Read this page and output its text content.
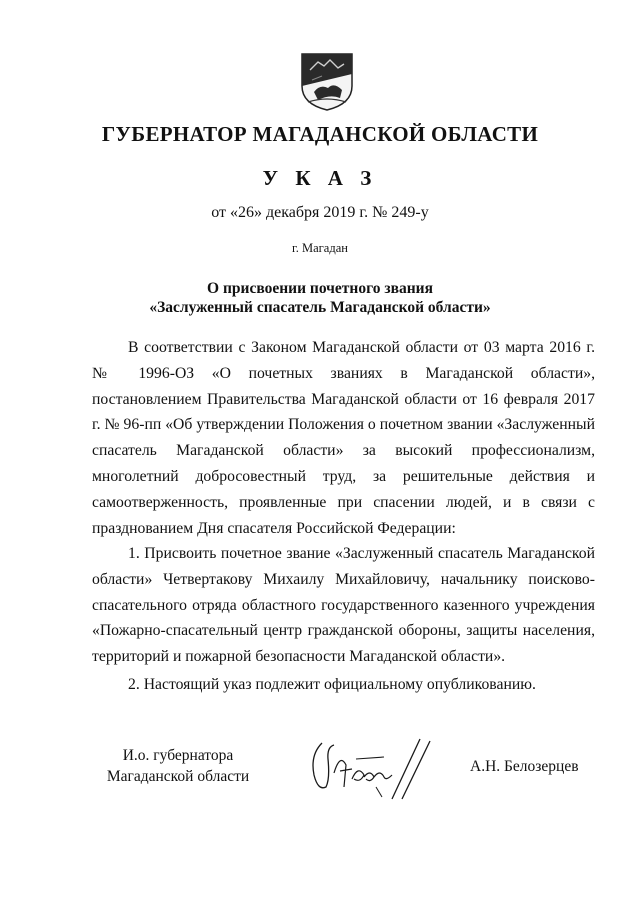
ГУБЕРНАТОР МАГАДАНСКОЙ ОБЛАСТИ
У К А З
от «26» декабря 2019 г. № 249-у
г. Магадан
О присвоении почетного звания
«Заслуженный спасатель Магаданской области»

В соответствии с Законом Магаданской области от 03 марта 2016 г. № 1996-ОЗ «О почетных званиях в Магаданской области», постановлением Правительства Магаданской области от 16 февраля 2017 г. № 96-пп «Об утверждении Положения о почетном звании «Заслуженный спасатель Магаданской области» за высокий профессионализм, многолетний добросовестный труд, за решительные действия и самоотверженность, проявленные при спасении людей, и в связи с празднованием Дня спасателя Российской Федерации:

1. Присвоить почетное звание «Заслуженный спасатель Магаданской области» Четвертакову Михаилу Михайловичу, начальнику поисково-спасательного отряда областного государственного казенного учреждения «Пожарно-спасательный центр гражданской обороны, защиты населения, территорий и пожарной безопасности Магаданской области».

2. Настоящий указ подлежит официальному опубликованию.

И.о. губернатора
Магаданской области
А.Н. Белозерцев
